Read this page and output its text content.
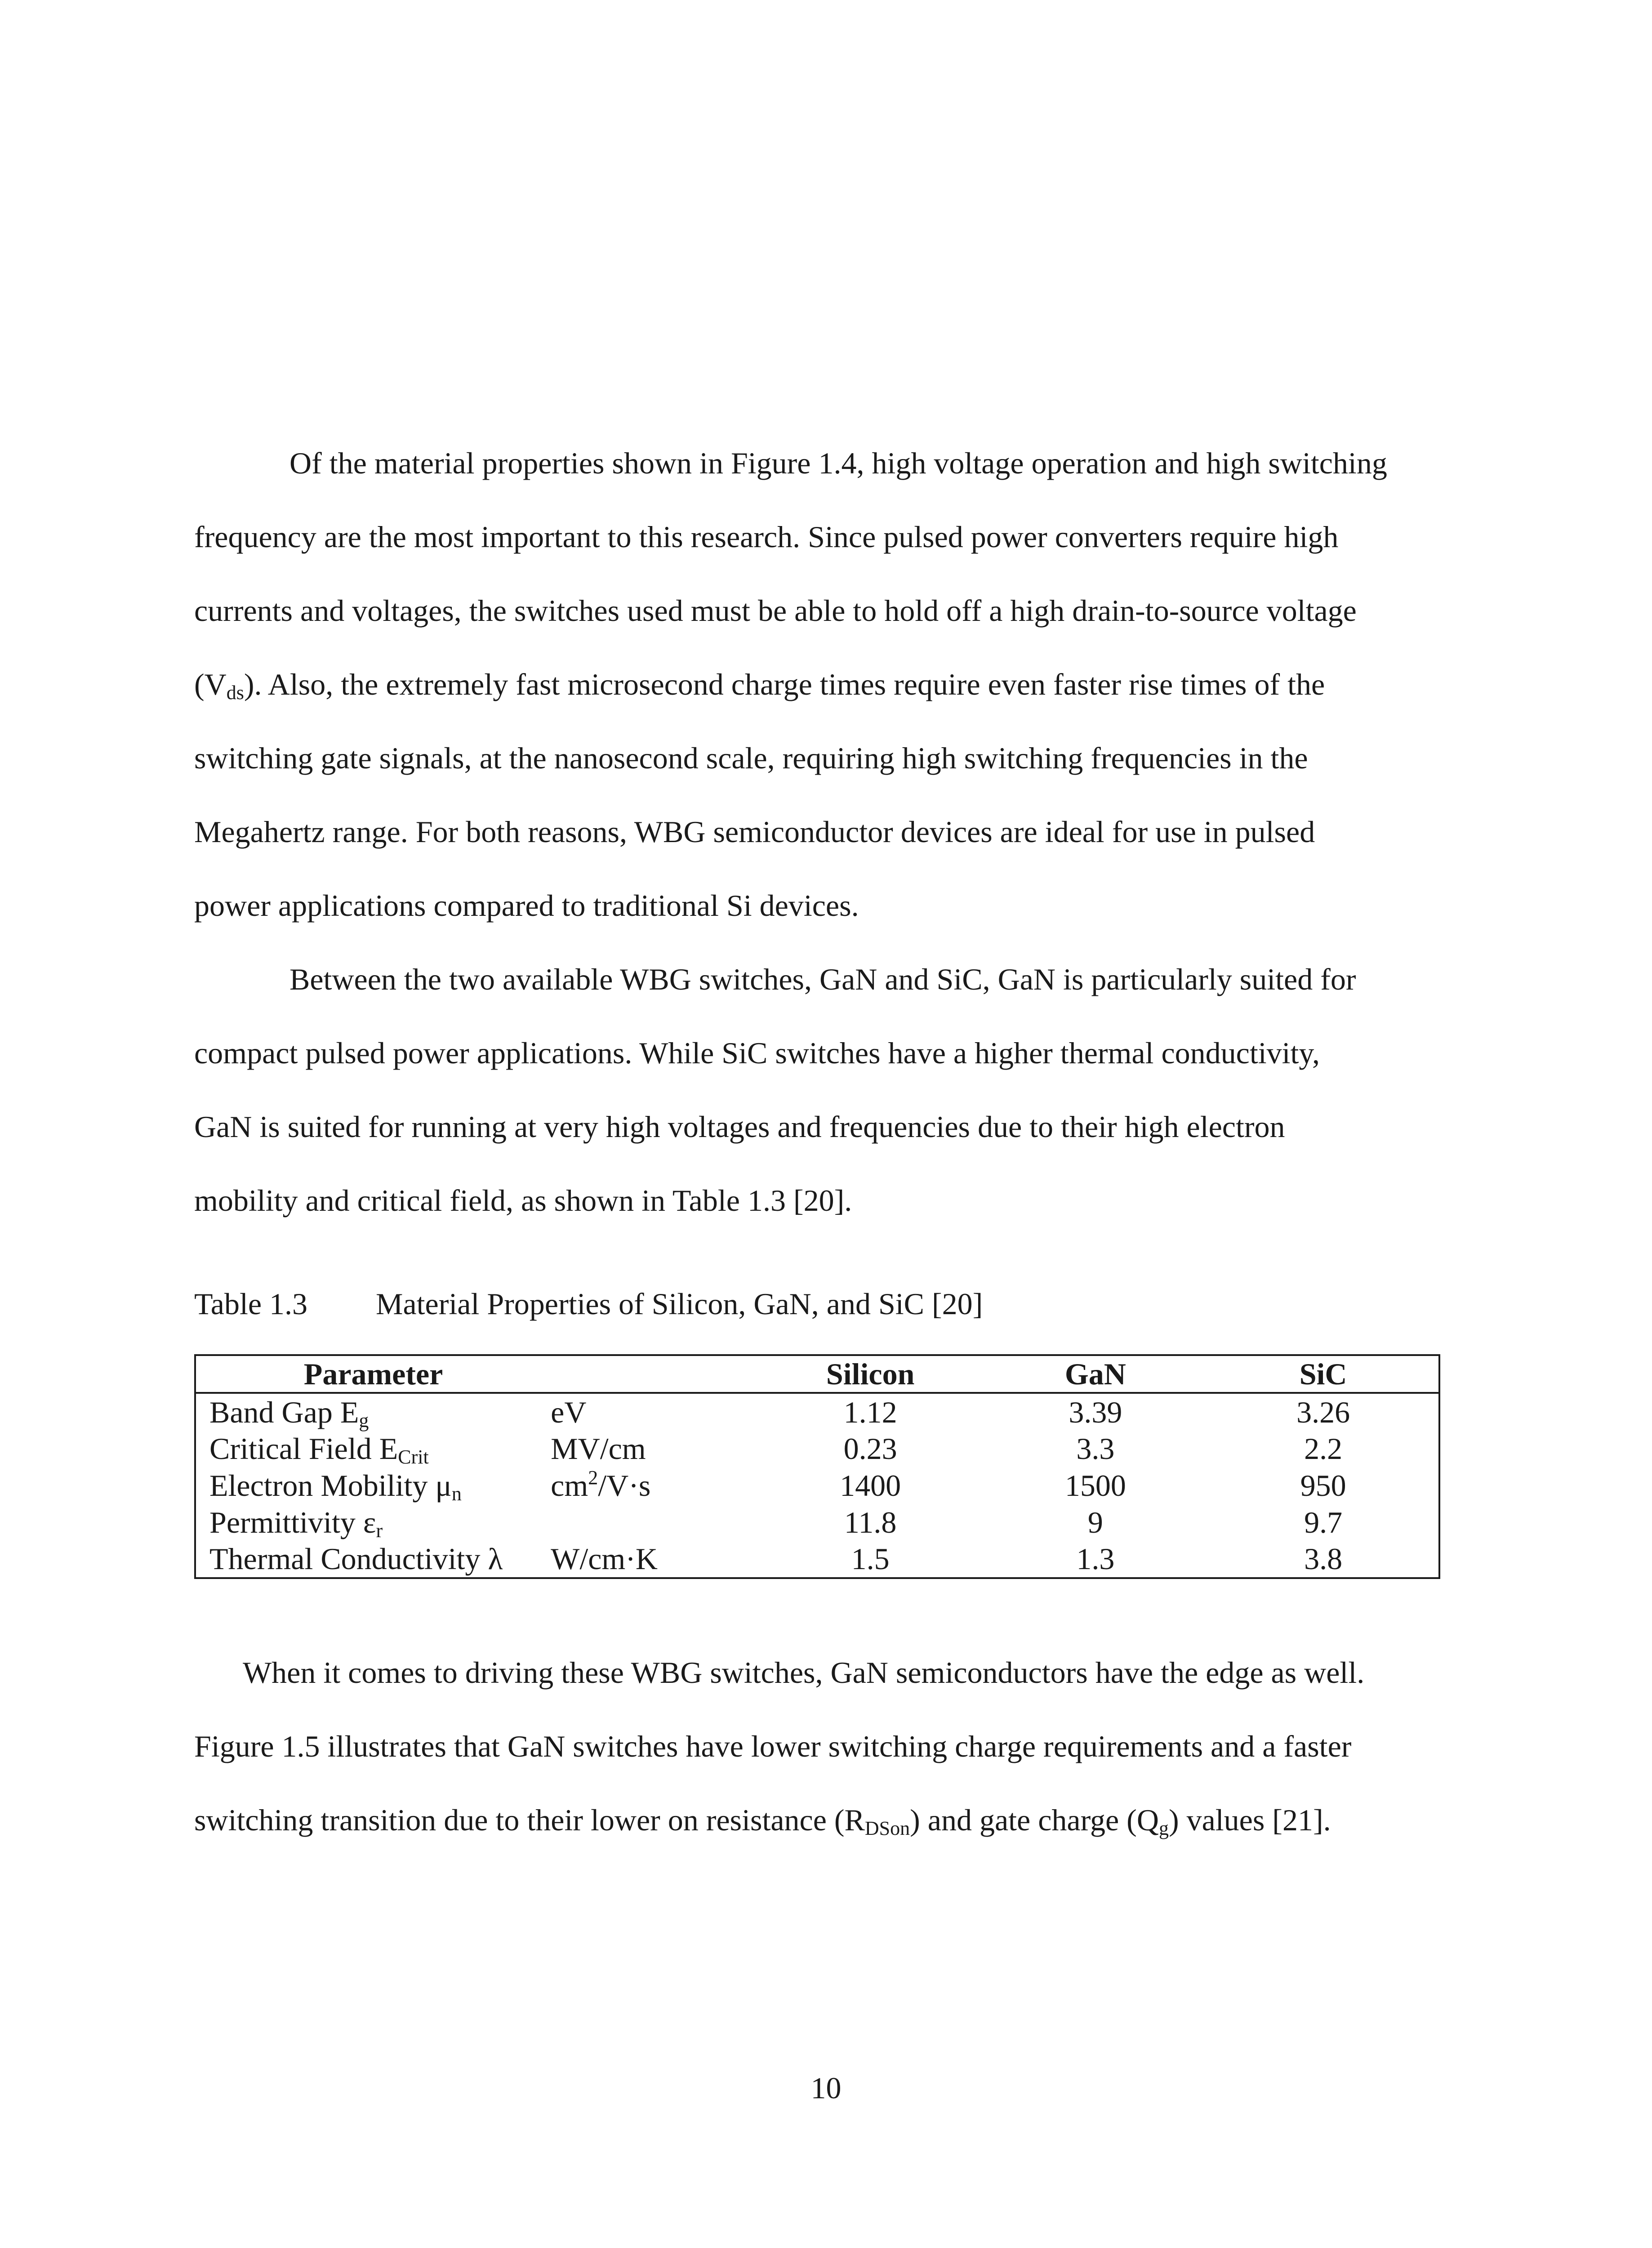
Of the material properties shown in Figure 1.4, high voltage operation and high switching
frequency are the most important to this research. Since pulsed power converters require high
currents and voltages, the switches used must be able to hold off a high drain-to-source voltage
$(V_{ds})$. Also, the extremely fast microsecond charge times require even faster rise times of the
switching gate signals, at the nanosecond scale, requiring high switching frequencies in the
Megahertz range. For both reasons, WBG semiconductor devices are ideal for use in pulsed
power applications compared to traditional Si devices.
Between the two available WBG switches, GaN and SiC, GaN is particularly suited for
compact pulsed power applications. While SiC switches have a higher thermal conductivity,
GaN is suited for running at very high voltages and frequencies due to their high electron
mobility and critical field, as shown in Table 1.3 [20].
Table 1.3 Material Properties of Silicon, GaN, and SiC [20]
Parameter		Silicon	GaN	SiC
Band Gap $E_g$	eV	1.12	3.39	3.26
Critical Field $E_{Crit}$	MV/cm	0.23	3.3	2.2
Electron Mobility $\mu_n$	$cm^2/V\cdot s$	1400	1500	950
Permittivity $\varepsilon_r$		11.8	9	9.7
Thermal Conductivity λ	W/cm·K	1.5	1.3	3.8
When it comes to driving these WBG switches, GaN semiconductors have the edge as well.
Figure 1.5 illustrates that GaN switches have lower switching charge requirements and a faster
switching transition due to their lower on resistance $(R_{DSon})$ and gate charge $(Q_g)$ values [21].
10
